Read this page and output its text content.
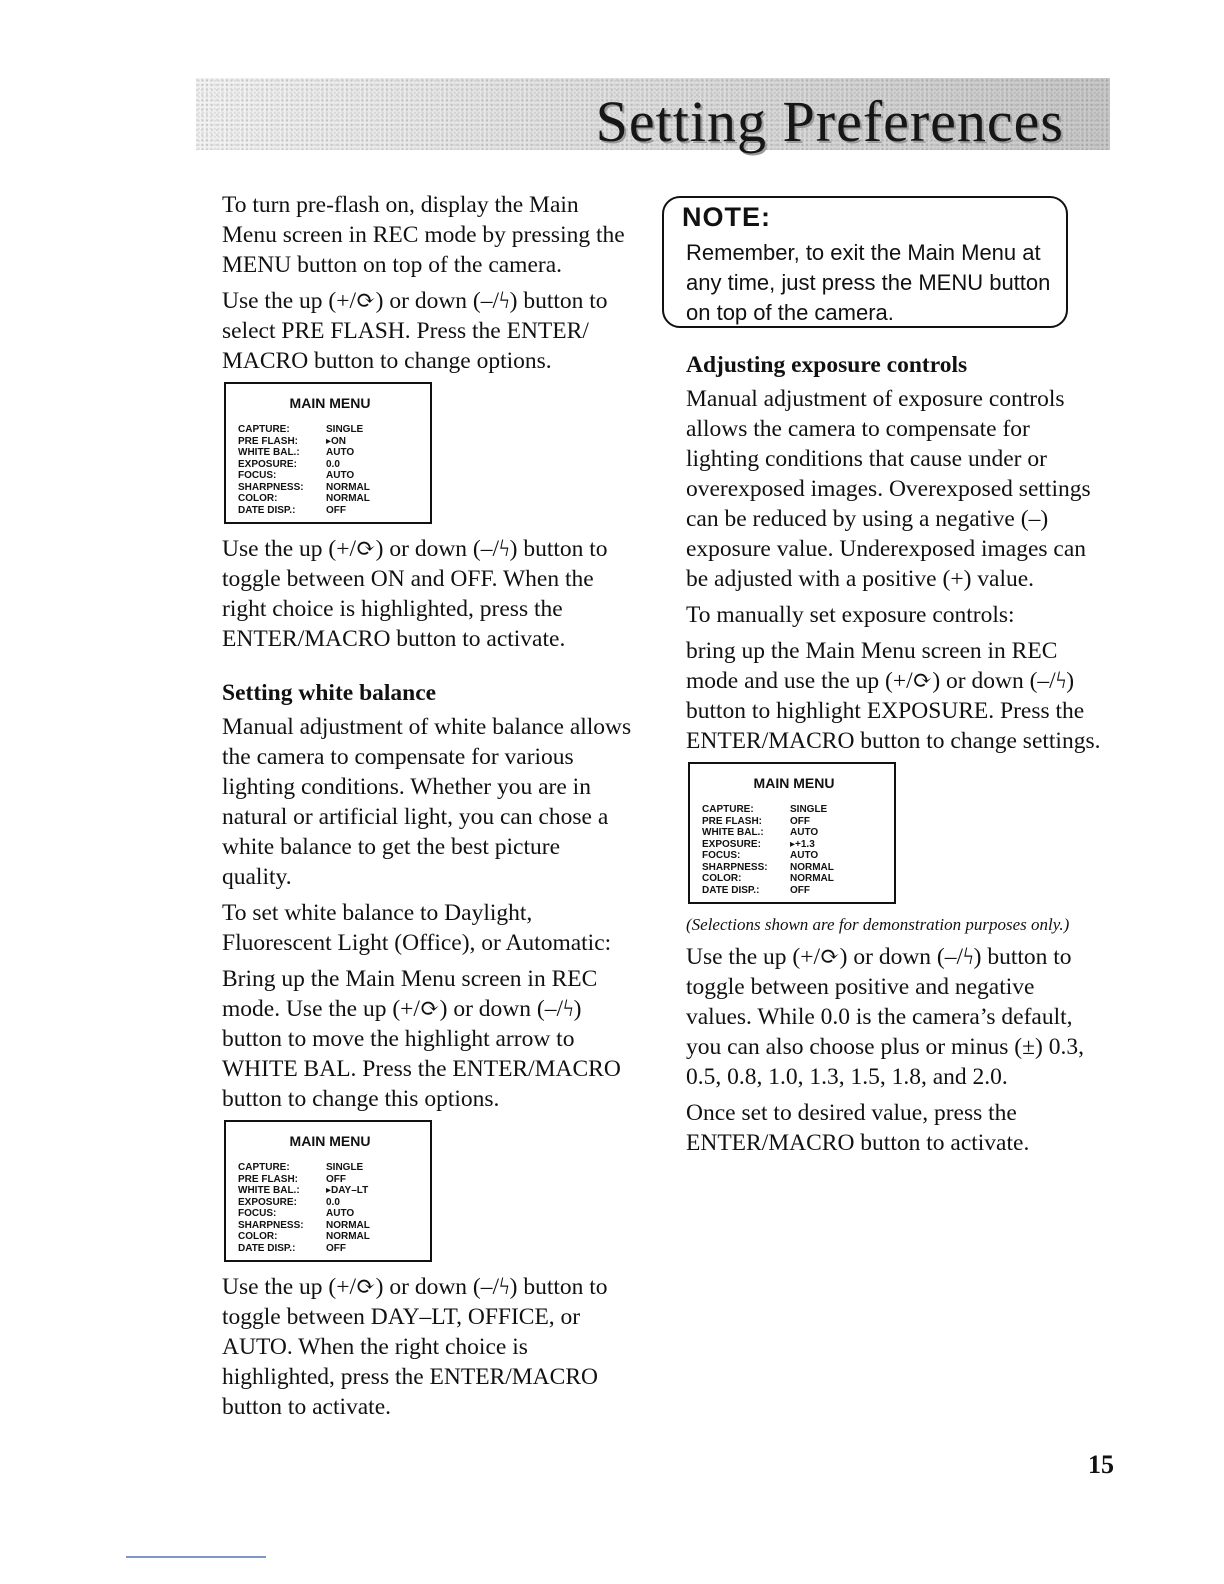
Setting Preferences

To turn pre-flash on, display the Main Menu screen in REC mode by pressing the MENU button on top of the camera.

Use the up (+/⟳) or down (–/ϟ) button to select PRE FLASH. Press the ENTER/ MACRO button to change options.

MAIN MENU
CAPTURE:	SINGLE
PRE FLASH:	▸ON
WHITE BAL.:	AUTO
EXPOSURE:	0.0
FOCUS:	AUTO
SHARPNESS:	NORMAL
COLOR:	NORMAL
DATE DISP.:	OFF

Use the up (+/⟳) or down (–/ϟ) button to toggle between ON and OFF. When the right choice is highlighted, press the ENTER/MACRO button to activate.

Setting white balance

Manual adjustment of white balance allows the camera to compensate for various lighting conditions. Whether you are in natural or artificial light, you can chose a white balance to get the best picture quality.

To set white balance to Daylight, Fluorescent Light (Office), or Automatic:

Bring up the Main Menu screen in REC mode. Use the up (+/⟳) or down (–/ϟ) button to move the highlight arrow to WHITE BAL. Press the ENTER/MACRO button to change this options.

MAIN MENU
CAPTURE:	SINGLE
PRE FLASH:	OFF
WHITE BAL.:	▸DAY–LT
EXPOSURE:	0.0
FOCUS:	AUTO
SHARPNESS:	NORMAL
COLOR:	NORMAL
DATE DISP.:	OFF

Use the up (+/⟳) or down (–/ϟ) button to toggle between DAY–LT, OFFICE, or AUTO. When the right choice is highlighted, press the ENTER/MACRO button to activate.

NOTE:
Remember, to exit the Main Menu at any time, just press the MENU button on top of the camera.
Adjusting exposure controls

Manual adjustment of exposure controls allows the camera to compensate for lighting conditions that cause under or overexposed images. Overexposed settings can be reduced by using a negative (–) exposure value. Underexposed images can be adjusted with a positive (+) value.

To manually set exposure controls:

bring up the Main Menu screen in REC mode and use the up (+/⟳) or down (–/ϟ) button to highlight EXPOSURE. Press the ENTER/MACRO button to change settings.

MAIN MENU
CAPTURE:	SINGLE
PRE FLASH:	OFF
WHITE BAL.:	AUTO
EXPOSURE:	▸+1.3
FOCUS:	AUTO
SHARPNESS:	NORMAL
COLOR:	NORMAL
DATE DISP.:	OFF

(Selections shown are for demonstration purposes only.)

Use the up (+/⟳) or down (–/ϟ) button to toggle between positive and negative values. While 0.0 is the camera’s default, you can also choose plus or minus (±) 0.3, 0.5, 0.8, 1.0, 1.3, 1.5, 1.8, and 2.0.

Once set to desired value, press the ENTER/MACRO button to activate.

15
